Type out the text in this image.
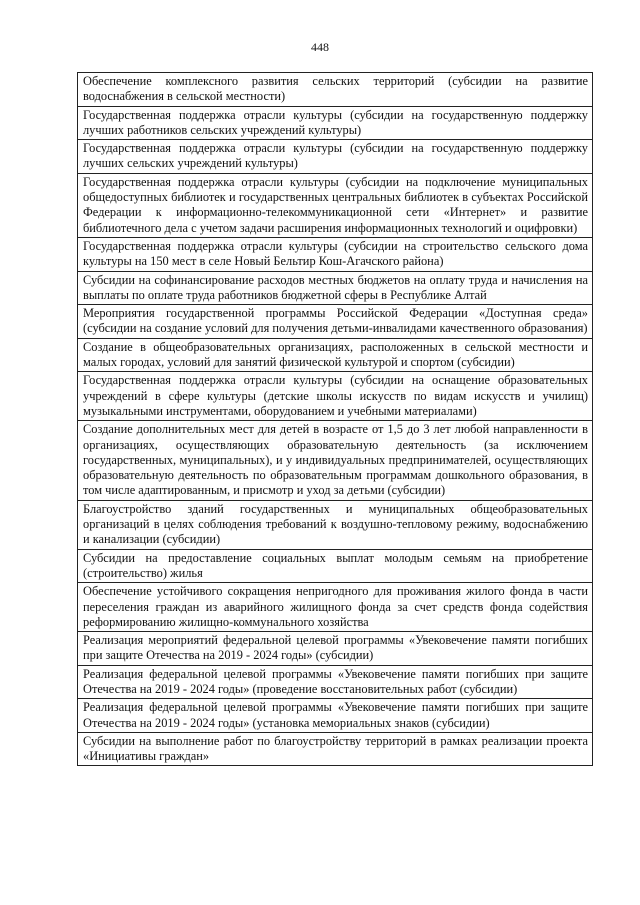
448
Обеспечение комплексного развития сельских территорий (субсидии на развитие водоснабжения в сельской местности)
Государственная поддержка отрасли культуры (субсидии на государственную поддержку лучших работников сельских учреждений культуры)
Государственная поддержка отрасли культуры (субсидии на государственную поддержку лучших сельских учреждений культуры)
Государственная поддержка отрасли культуры (субсидии на подключение муниципальных общедоступных библиотек и государственных центральных библиотек в субъектах Российской Федерации к информационно-телекоммуникационной сети «Интернет» и развитие библиотечного дела с учетом задачи расширения информационных технологий и оцифровки)
Государственная поддержка отрасли культуры (субсидии на строительство сельского дома культуры на 150 мест в селе Новый Бельтир Кош-Агачского района)
Субсидии на софинансирование расходов местных бюджетов на оплату труда и начисления на выплаты по оплате труда работников бюджетной сферы в Республике Алтай
Мероприятия государственной программы Российской Федерации «Доступная среда» (субсидии на создание условий для получения детьми-инвалидами качественного образования)
Создание в общеобразовательных организациях, расположенных в сельской местности и малых городах, условий для занятий физической культурой и спортом (субсидии)
Государственная поддержка отрасли культуры (субсидии на оснащение образовательных учреждений в сфере культуры (детские школы искусств по видам искусств и училищ) музыкальными инструментами, оборудованием и учебными материалами)
Создание дополнительных мест для детей в возрасте от 1,5 до 3 лет любой направленности в организациях, осуществляющих образовательную деятельность (за исключением государственных, муниципальных), и у индивидуальных предпринимателей, осуществляющих образовательную деятельность по образовательным программам дошкольного образования, в том числе адаптированным, и присмотр и уход за детьми (субсидии)
Благоустройство зданий государственных и муниципальных общеобразовательных организаций в целях соблюдения требований к воздушно-тепловому режиму, водоснабжению и канализации (субсидии)
Субсидии на предоставление социальных выплат молодым семьям на приобретение (строительство) жилья
Обеспечение устойчивого сокращения непригодного для проживания жилого фонда в части переселения граждан из аварийного жилищного фонда за счет средств фонда содействия реформированию жилищно-коммунального хозяйства
Реализация мероприятий федеральной целевой программы «Увековечение памяти погибших при защите Отечества на 2019 - 2024 годы» (субсидии)
Реализация федеральной целевой программы «Увековечение памяти погибших при защите Отечества на 2019 - 2024 годы» (проведение восстановительных работ (субсидии)
Реализация федеральной целевой программы «Увековечение памяти погибших при защите Отечества на 2019 - 2024 годы» (установка мемориальных знаков (субсидии)
Субсидии на выполнение работ по благоустройству территорий в рамках реализации проекта «Инициативы граждан»
